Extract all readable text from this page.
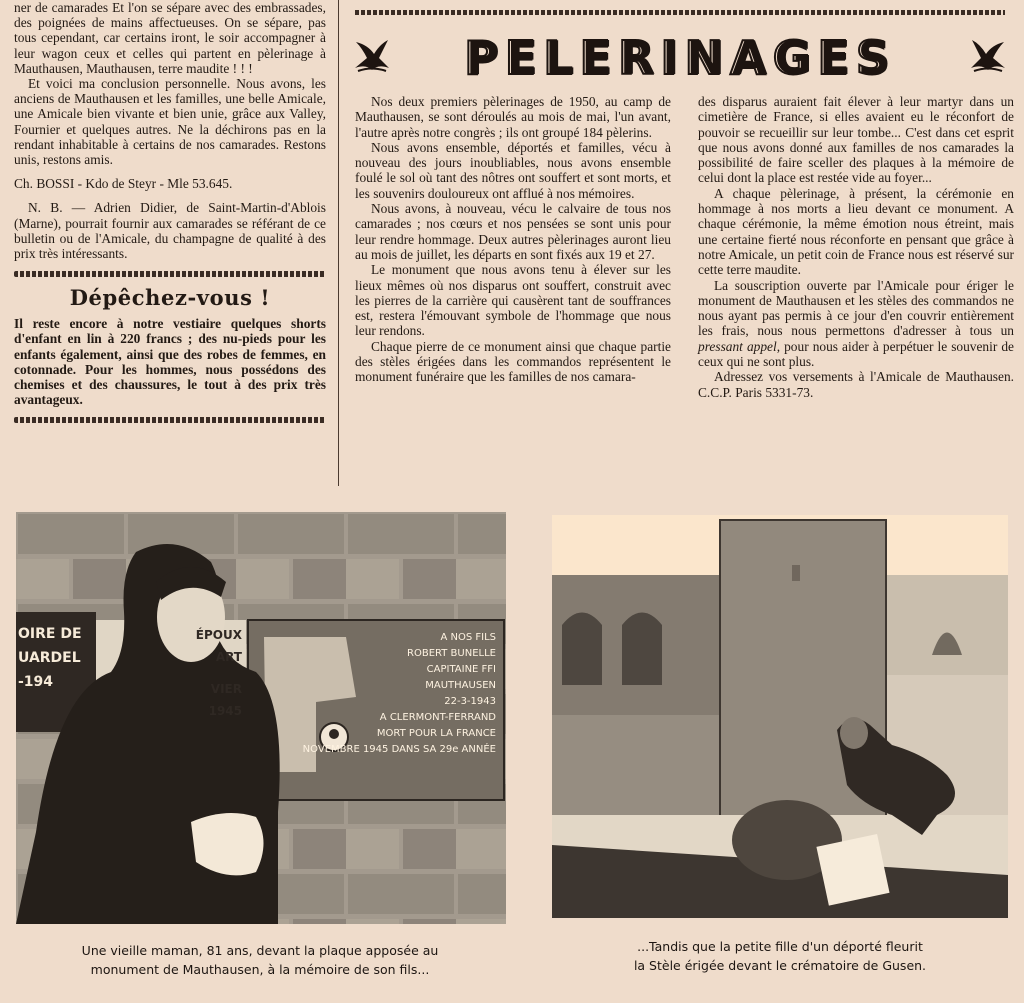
ner de camarades Et l'on se sépare avec des embrassades, des poignées de mains affectueuses. On se sépare, pas tous cependant, car certains iront, le soir accompagner à leur wagon ceux et celles qui partent en pèlerinage à Mauthausen, Mauthausen, terre maudite ! ! !

Et voici ma conclusion personnelle. Nous avons, les anciens de Mauthausen et les familles, une belle Amicale, une Amicale bien vivante et bien unie, grâce aux Valley, Fournier et quelques autres. Ne la déchirons pas en la rendant inhabitable à certains de nos camarades. Restons unis, restons amis.

Ch. BOSSI - Kdo de Steyr - Mle 53.645.

N. B. — Adrien Didier, de Saint-Martin-d'Ablois (Marne), pourrait fournir aux camarades se référant de ce bulletin ou de l'Amicale, du champagne de qualité à des prix très intéressants.

Dépêchez-vous !

Il reste encore à notre vestiaire quelques shorts d'enfant en lin à 220 francs ; des nu-pieds pour les enfants également, ainsi que des robes de femmes, en cotonnade. Pour les hommes, nous possédons des chemises et des chaussures, le tout à des prix très avantageux.

PELERINAGES

Nos deux premiers pèlerinages de 1950, au camp de Mauthausen, se sont déroulés au mois de mai, l'un avant, l'autre après notre congrès ; ils ont groupé 184 pèlerins.

Nous avons ensemble, déportés et familles, vécu à nouveau des jours inoubliables, nous avons ensemble foulé le sol où tant des nôtres ont souffert et sont morts, et les souvenirs douloureux ont afflué à nos mémoires.

Nous avons, à nouveau, vécu le calvaire de tous nos camarades ; nos cœurs et nos pensées se sont unis pour leur rendre hommage. Deux autres pèlerinages auront lieu au mois de juillet, les départs en sont fixés aux 19 et 27.

Le monument que nous avons tenu à élever sur les lieux mêmes où nos disparus ont souffert, construit avec les pierres de la carrière qui causèrent tant de souffrances est, restera l'émouvant symbole de l'hommage que nous leur rendons.

Chaque pierre de ce monument ainsi que chaque partie des stèles érigées dans les commandos représentent le monument funéraire que les familles de nos camara-

des disparus auraient fait élever à leur martyr dans un cimetière de France, si elles avaient eu le réconfort de pouvoir se recueillir sur leur tombe... C'est dans cet esprit que nous avons donné aux familles de nos camarades la possibilité de faire sceller des plaques à la mémoire de celui dont la place est restée vide au foyer...

A chaque pèlerinage, à présent, la cérémonie en hommage à nos morts a lieu devant ce monument. A chaque cérémonie, la même émotion nous étreint, mais une certaine fierté nous réconforte en pensant que grâce à notre Amicale, un petit coin de France nous est réservé sur cette terre maudite.

La souscription ouverte par l'Amicale pour ériger le monument de Mauthausen et les stèles des commandos ne nous ayant pas permis à ce jour d'en couvrir entièrement les frais, nous nous permettons d'adresser à tous un pressant appel, pour nous aider à perpétuer le souvenir de ceux qui ne sont plus.

Adressez vos versements à l'Amicale de Mauthausen. C.C.P. Paris 5331-73.

A NOS FILS
ROBERT BUNELLE
CAPITAINE FFI
MAUTHAUSEN
22-3-1943
A CLERMONT-FERRAND
MORT POUR LA FRANCE
NOVEMBRE 1945 DANS SA 29e ANNÉE
OIRE DE
UARDEL
-194
ÉPOUX
ART
VIER 1945
Une vieille maman, 81 ans, devant la plaque apposée au
monument de Mauthausen, à la mémoire de son fils...
...Tandis que la petite fille d'un déporté fleurit
la Stèle érigée devant le crématoire de Gusen.
